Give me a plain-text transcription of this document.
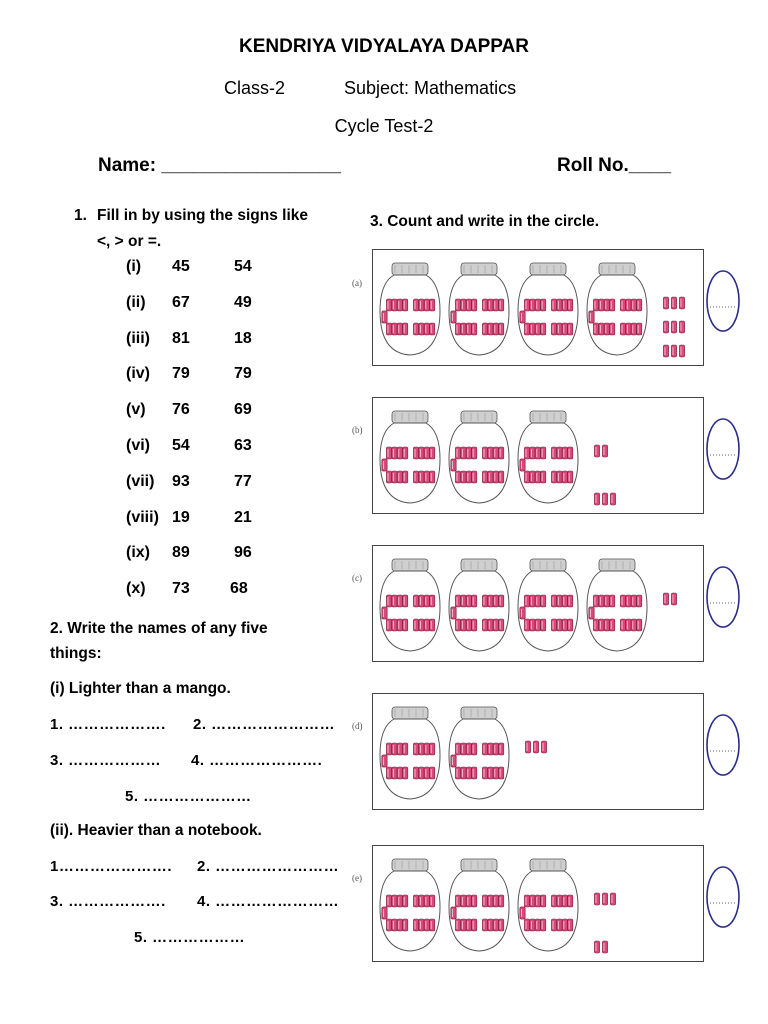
KENDRIYA VIDYALAYA DAPPAR
Class-2	Subject: Mathematics
Cycle Test-2
Name: _________________	Roll No.____
1. Fill in by using the signs like
<, > or =.
(i) 45	54
(ii) 67	49
(iii) 81	18
(iv) 79	79
(v) 76	69
(vi) 54	63
(vii) 93	77
(viii) 19	21
(ix) 89	96
(x) 73	68
2. Write the names of any five
things:
(i) Lighter than a mango.
1. ………………. 2. ……………………
3. ……………… 4. ………………….
5. …………………
(ii). Heavier than a notebook.
1…………………. 2. ……………………
3. ………………. 4. ……………………
5. ………………
3. Count and write in the circle.
(a)
(b)
(c)
(d)
(e)
